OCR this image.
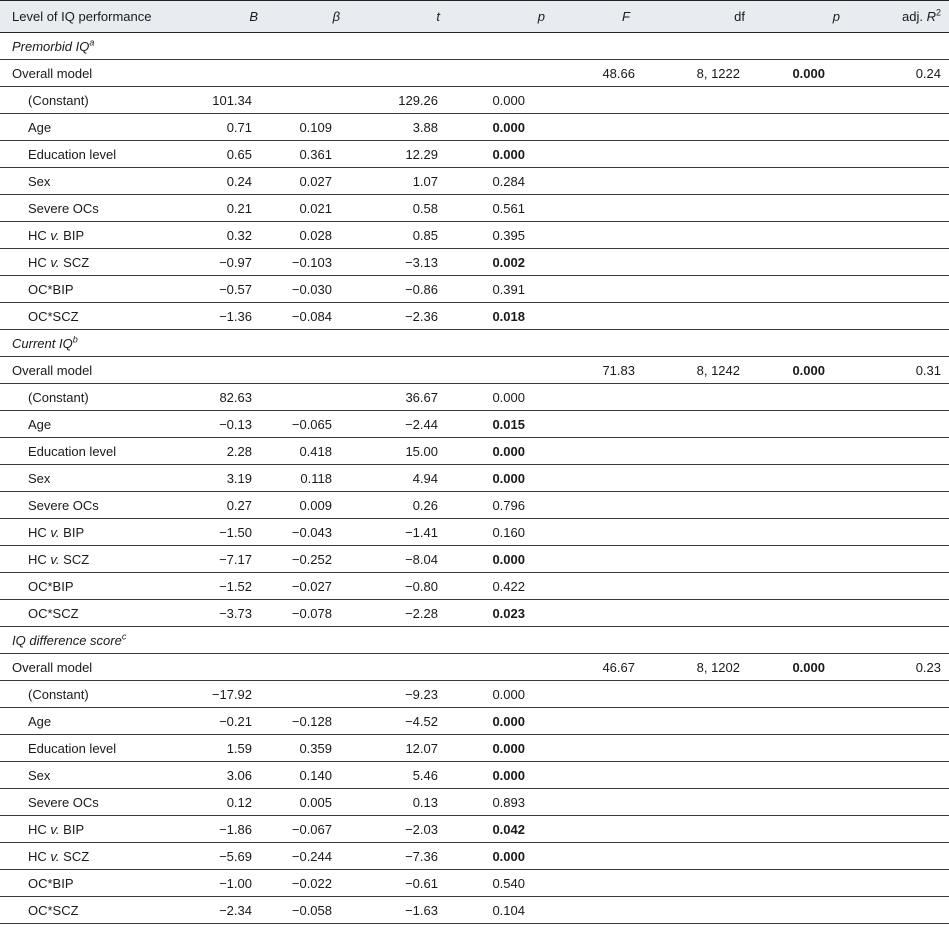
Level of IQ performance	B	β	t	p	F	df	p	adj. $R^2$
Premorbid $IQ^a$
Overall model					48.66	8, 1222	0.000	0.24
(Constant)	101.34		129.26	0.000				
Age	0.71	0.109	3.88	0.000				
Education level	0.65	0.361	12.29	0.000				
Sex	0.24	0.027	1.07	0.284				
Severe OCs	0.21	0.021	0.58	0.561				
HC v. BIP	0.32	0.028	0.85	0.395				
HC v. SCZ	−0.97	−0.103	−3.13	0.002				
OC*BIP	−0.57	−0.030	−0.86	0.391				
OC*SCZ	−1.36	−0.084	−2.36	0.018				
Current $IQ^b$
Overall model					71.83	8, 1242	0.000	0.31
(Constant)	82.63		36.67	0.000				
Age	−0.13	−0.065	−2.44	0.015				
Education level	2.28	0.418	15.00	0.000				
Sex	3.19	0.118	4.94	0.000				
Severe OCs	0.27	0.009	0.26	0.796				
HC v. BIP	−1.50	−0.043	−1.41	0.160				
HC v. SCZ	−7.17	−0.252	−8.04	0.000				
OC*BIP	−1.52	−0.027	−0.80	0.422				
OC*SCZ	−3.73	−0.078	−2.28	0.023				
IQ difference score$^c$
Overall model					46.67	8, 1202	0.000	0.23
(Constant)	−17.92		−9.23	0.000				
Age	−0.21	−0.128	−4.52	0.000				
Education level	1.59	0.359	12.07	0.000				
Sex	3.06	0.140	5.46	0.000				
Severe OCs	0.12	0.005	0.13	0.893				
HC v. BIP	−1.86	−0.067	−2.03	0.042				
HC v. SCZ	−5.69	−0.244	−7.36	0.000				
OC*BIP	−1.00	−0.022	−0.61	0.540				
OC*SCZ	−2.34	−0.058	−1.63	0.104				
